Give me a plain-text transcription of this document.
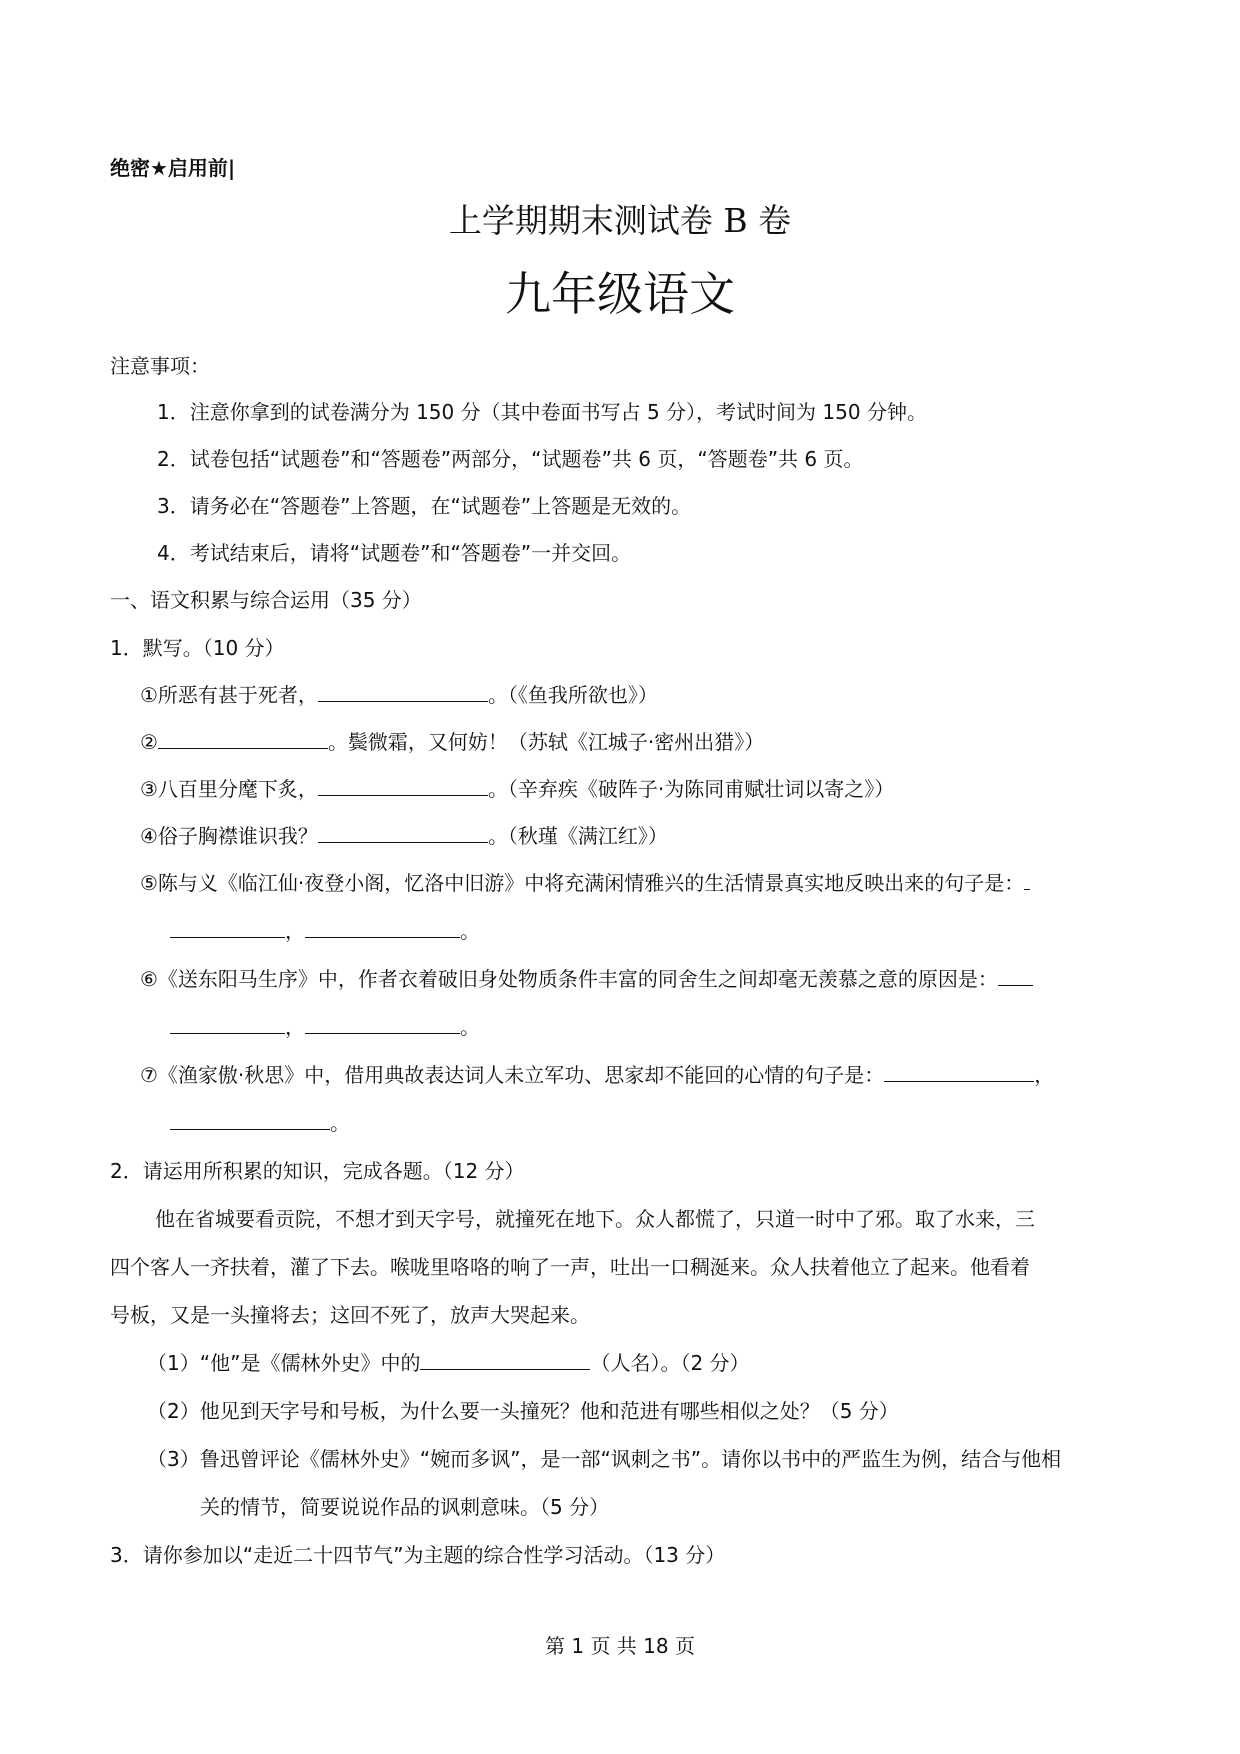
绝密★启用前|
上学期期末测试卷 B 卷
九年级语文
注意事项：
1．注意你拿到的试卷满分为 150 分（其中卷面书写占 5 分），考试时间为 150 分钟。
2．试卷包括“试题卷”和“答题卷”两部分，“试题卷”共 6 页，“答题卷”共 6 页。
3．请务必在“答题卷”上答题，在“试题卷”上答题是无效的。
4．考试结束后，请将“试题卷”和“答题卷”一并交回。
一、语文积累与综合运用（35 分）
1．默写。（10 分）
①所恶有甚于死者，	。（《鱼我所欲也》）
②	。鬓微霜，又何妨！（苏轼《江城子·密州出猎》）
③八百里分麾下炙，	。（辛弃疾《破阵子·为陈同甫赋壮词以寄之》）
④俗子胸襟谁识我？	。（秋瑾《满江红》）
⑤陈与义《临江仙·夜登小阁，忆洛中旧游》中将充满闲情雅兴的生活情景真实地反映出来的句子是：
，	。
⑥《送东阳马生序》中，作者衣着破旧身处物质条件丰富的同舍生之间却毫无羡慕之意的原因是：
，	。
⑦《渔家傲·秋思》中，借用典故表达词人未立军功、思家却不能回的心情的句子是：	，
。
2．请运用所积累的知识，完成各题。（12 分）
他在省城要看贡院，不想才到天字号，就撞死在地下。众人都慌了，只道一时中了邪。取了水来，三
四个客人一齐扶着，灌了下去。喉咙里咯咯的响了一声，吐出一口稠涎来。众人扶着他立了起来。他看着
号板，又是一头撞将去；这回不死了，放声大哭起来。
（1）“他”是《儒林外史》中的	（人名）。（2 分）
（2）他见到天字号和号板，为什么要一头撞死？他和范进有哪些相似之处？（5 分）
（3）鲁迅曾评论《儒林外史》“婉而多讽”，是一部“讽刺之书”。请你以书中的严监生为例，结合与他相
关的情节，简要说说作品的讽刺意味。（5 分）
3．请你参加以“走近二十四节气”为主题的综合性学习活动。（13 分）
第 1 页 共 18 页
